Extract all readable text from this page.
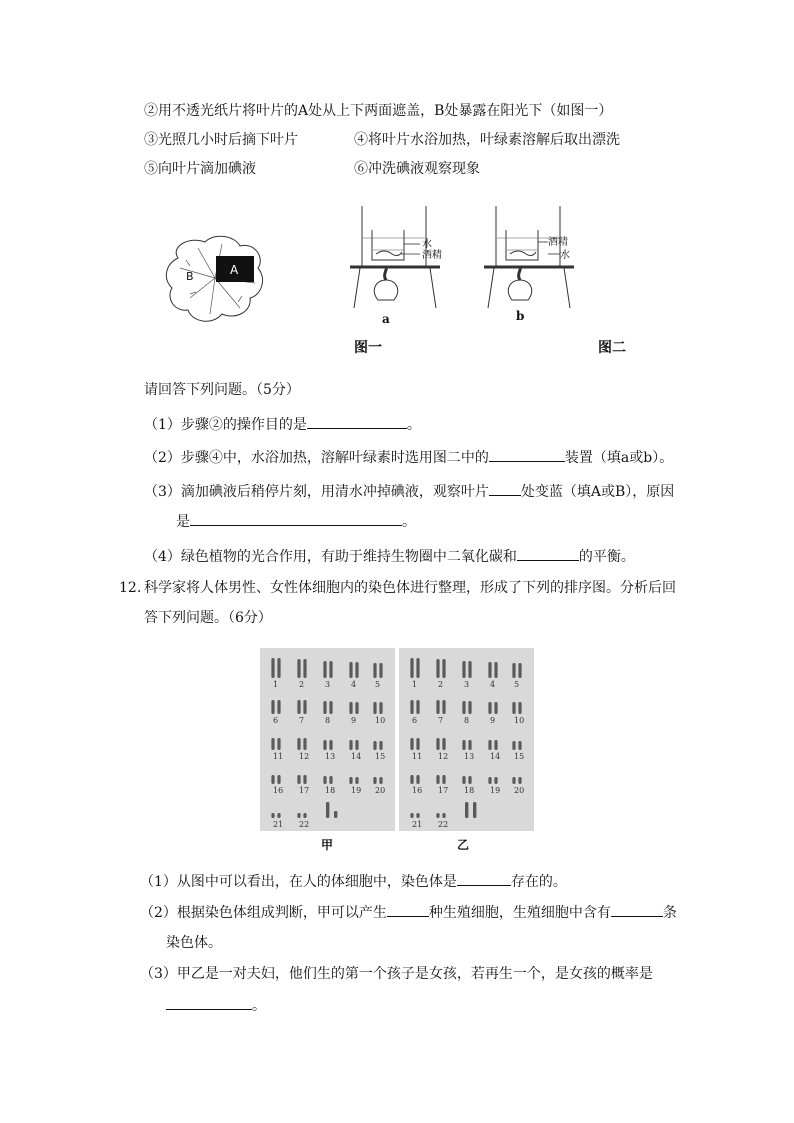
②用不透光纸片将叶片的A处从上下两面遮盖，B处暴露在阳光下（如图一）
③光照几小时后摘下叶片	④将叶片水浴加热，叶绿素溶解后取出漂洗
⑤向叶片滴加碘液	⑥冲洗碘液观察现象
A
B
水
酒精
a
酒精
水
b
图一	图二
请回答下列问题。（5分）
（1）步骤②的操作目的是	。
（2）步骤④中，水浴加热，溶解叶绿素时选用图二中的	装置（填a或b）。
（3）滴加碘液后稍停片刻，用清水冲掉碘液，观察叶片 处变蓝（填A或B），原因
是	。
（4）绿色植物的光合作用，有助于维持生物圈中二氧化碳和	的平衡。
12. 科学家将人体男性、女性体细胞内的染色体进行整理，形成了下列的排序图。分析后回
答下列问题。（6分）
1	2	3	4 5
6	7	8	9 10
11 12 13 14 15
16 17 18 19 20
21 22
1	2	3	4 5
6	7	8	9 10
11 12 13 14 15
16 17 18 19 20
21 22
甲	乙
（1）从图中可以看出，在人的体细胞中，染色体是	存在的。
（2）根据染色体组成判断，甲可以产生	种生殖细胞，生殖细胞中含有	条
染色体。
（3）甲乙是一对夫妇，他们生的第一个孩子是女孩，若再生一个，是女孩的概率是
。
